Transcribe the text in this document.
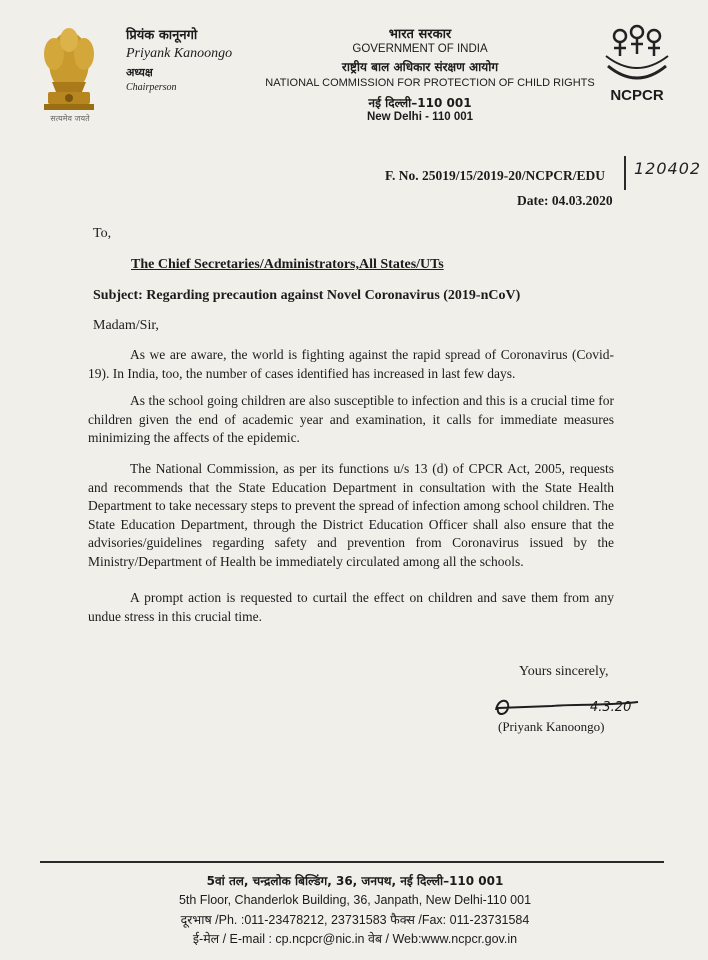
सत्यमेव जयते

प्रियंक कानूनगो

Priyank Kanoongo

अध्यक्ष

Chairperson

भारत सरकार

GOVERNMENT OF INDIA

राष्ट्रीय बाल अधिकार संरक्षण आयोग

NATIONAL COMMISSION FOR PROTECTION OF CHILD RIGHTS

नई दिल्ली–110 001

New Delhi - 110 001

NCPCR

F. No. 25019/15/2019-20/NCPCR/EDU 120402

Date: 04.03.2020

To,

The Chief Secretaries/Administrators,All States/UTs

Subject: Regarding precaution against Novel Coronavirus (2019-nCoV)

Madam/Sir,

As we are aware, the world is fighting against the rapid spread of Coronavirus (Covid-19). In India, too, the number of cases identified has increased in last few days.

As the school going children are also susceptible to infection and this is a crucial time for children given the end of academic year and examination, it calls for immediate measures minimizing the affects of the epidemic.

The National Commission, as per its functions u/s 13 (d) of CPCR Act, 2005, requests and recommends that the State Education Department in consultation with the State Health Department to take necessary steps to prevent the spread of infection among school children. The State Education Department, through the District Education Officer shall also ensure that the advisories/guidelines regarding safety and prevention from Coronavirus issued by the Ministry/Department of Health be immediately circulated among all the schools.

A prompt action is requested to curtail the effect on children and save them from any undue stress in this crucial time.

Yours sincerely,

4.3.20

(Priyank Kanoongo)

5वां तल, चन्द्रलोक बिल्डिंग, 36, जनपथ, नई दिल्ली–110 001

5th Floor, Chanderlok Building, 36, Janpath, New Delhi-110 001

दूरभाष /Ph. :011-23478212, 23731583 फैक्स /Fax: 011-23731584

ई-मेल / E-mail : cp.ncpcr@nic.in वेब / Web:www.ncpcr.gov.in
